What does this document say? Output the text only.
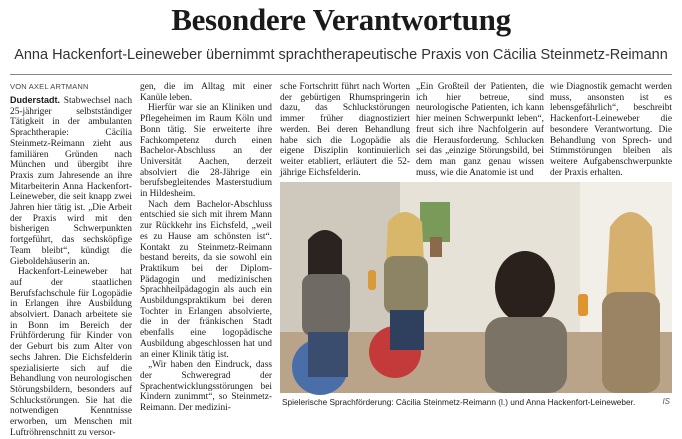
Besondere Verantwortung
Anna Hackenfort-Leineweber übernimmt sprachtherapeutische Praxis von Cäcilia Steinmetz-Reimann
VON AXEL ARTMANN

Duderstadt. Stabwechsel nach 25-jähriger selbstständiger Tätigkeit in der ambulanten Sprachtherapie: Cäcilia Steinmetz-Reimann zieht aus familiären Gründen nach München und übergibt ihre Praxis zum Jahresende an ihre Mitarbeiterin Anna Hackenfort-Leineweber, die seit knapp zwei Jahren hier tätig ist. „Die Arbeit der Praxis wird mit den bisherigen Schwerpunkten fortgeführt, das sechsköpfige Team bleibt“, kündigt die Gieboldehäuserin an.

Hackenfort-Leineweber hat auf der staatlichen Berufsfachschule für Logopädie in Erlangen ihre Ausbildung absolviert. Danach arbeitete sie in Bonn im Bereich der Frühförderung für Kinder von der Geburt bis zum Alter von sechs Jahren. Die Eichsfelderin spezialisierte sich auf die Behandlung von neurologischen Störungsbildern, besonders auf Schluckstörungen. Sie hat die notwendigen Kenntnisse erworben, um Menschen mit Luftröhrenschnitt zu versor-

gen, die im Alltag mit einer Kanüle leben.

Hierfür war sie an Kliniken und Pflegeheimen im Raum Köln und Bonn tätig. Sie erweiterte ihre Fachkompetenz durch einen Bachelor-Abschluss an der Universität Aachen, derzeit absolviert die 28-Jährige ein berufsbegleitendes Masterstudium in Hildesheim.

Nach dem Bachelor-Abschluss entschied sie sich mit ihrem Mann zur Rückkehr ins Eichsfeld, „weil es zu Hause am schönsten ist“. Kontakt zu Steinmetz-Reimann bestand bereits, da sie sowohl ein Praktikum bei der Diplom-Pädagogin und medizinischen Sprachheilpädagogin als auch ein Ausbildungspraktikum bei deren Tochter in Erlangen absolvierte, die in der fränkischen Stadt ebenfalls eine logopädische Ausbildung abgeschlossen hat und an einer Klinik tätig ist.

„Wir haben den Eindruck, dass der Schweregrad der Sprachentwicklungsstörungen bei Kindern zunimmt“, so Steinmetz-Reimann. Der medizini-

sche Fortschritt führt nach Worten der gebürtigen Rhumspringerin dazu, das Schluckstörungen immer früher diagnostiziert werden. Bei deren Behandlung habe sich die Logopädie als eigene Disziplin kontinuierlich weiter etabliert, erläutert die 52-jährige Eichsfelderin.

„Ein Großteil der Patienten, die ich hier betreue, sind neurologische Patienten, ich kann hier meinen Schwerpunkt leben“, freut sich ihre Nachfolgerin auf die Herausforderung. Schlucken sei das „einzige Störungsbild, bei dem man ganz genau wissen muss, wie die Anatomie ist und

wie Diagnostik gemacht werden muss, ansonsten ist es lebensgefährlich“, beschreibt Hackenfort-Leineweber die besondere Verantwortung. Die Behandlung von Sprech- und Stimmstörungen bleiben als weitere Aufgabenschwerpunkte der Praxis erhalten.

Spielerische Sprachförderung: Cäcilia Steinmetz-Reimann (l.) und Anna Hackenfort-Leineweber.	IS
